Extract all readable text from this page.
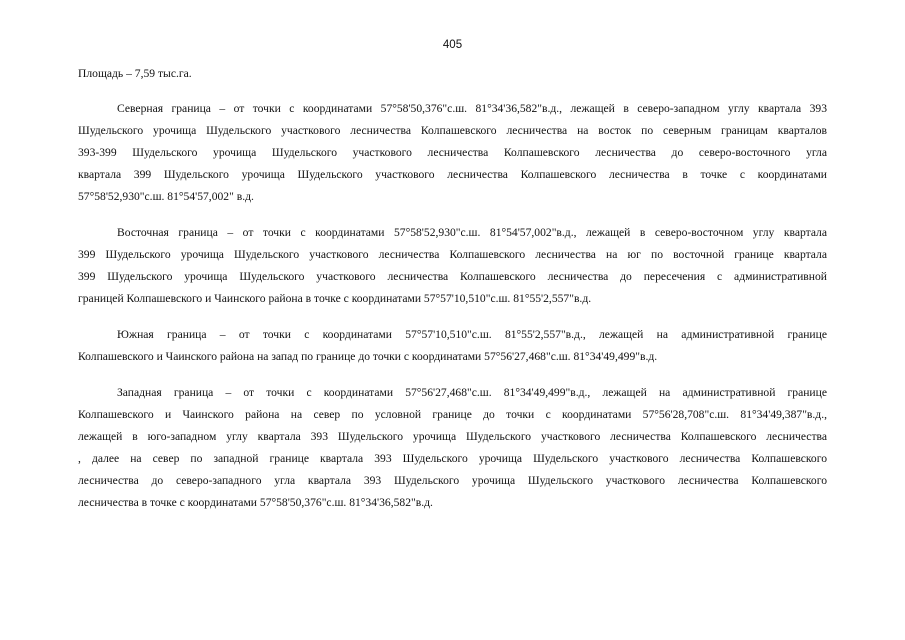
405
Площадь – 7,59 тыс.га.
Северная граница – от точки с координатами 57°58'50,376"с.ш. 81°34'36,582"в.д., лежащей в северо-западном углу квартала 393
Шудельского урочища Шудельского участкового лесничества Колпашевского лесничества на восток по северным границам кварталов
393-399 Шудельского урочища Шудельского участкового лесничества Колпашевского лесничества до северо-восточного угла
квартала 399 Шудельского урочища Шудельского участкового лесничества Колпашевского лесничества в точке с координатами
57°58'52,930"с.ш. 81°54'57,002" в.д.
Восточная граница – от точки с координатами 57°58'52,930"с.ш. 81°54'57,002"в.д., лежащей в северо-восточном углу квартала
399 Шудельского урочища Шудельского участкового лесничества Колпашевского лесничества на юг по восточной границе квартала
399 Шудельского урочища Шудельского участкового лесничества Колпашевского лесничества до пересечения с административной
границей Колпашевского и Чаинского района в точке с координатами 57°57'10,510"с.ш. 81°55'2,557"в.д.
Южная граница – от точки с координатами 57°57'10,510"с.ш. 81°55'2,557"в.д., лежащей на административной границе
Колпашевского и Чаинского района на запад по границе до точки с координатами 57°56'27,468"с.ш. 81°34'49,499"в.д.
Западная граница – от точки с координатами 57°56'27,468"с.ш. 81°34'49,499"в.д., лежащей на административной границе
Колпашевского и Чаинского района на север по условной границе до точки с координатами 57°56'28,708"с.ш. 81°34'49,387"в.д.,
лежащей в юго-западном углу квартала 393 Шудельского урочища Шудельского участкового лесничества Колпашевского лесничества
, далее на север по западной границе квартала 393 Шудельского урочища Шудельского участкового лесничества Колпашевского
лесничества до северо-западного угла квартала 393 Шудельского урочища Шудельского участкового лесничества Колпашевского
лесничества в точке с координатами 57°58'50,376"с.ш. 81°34'36,582"в.д.
